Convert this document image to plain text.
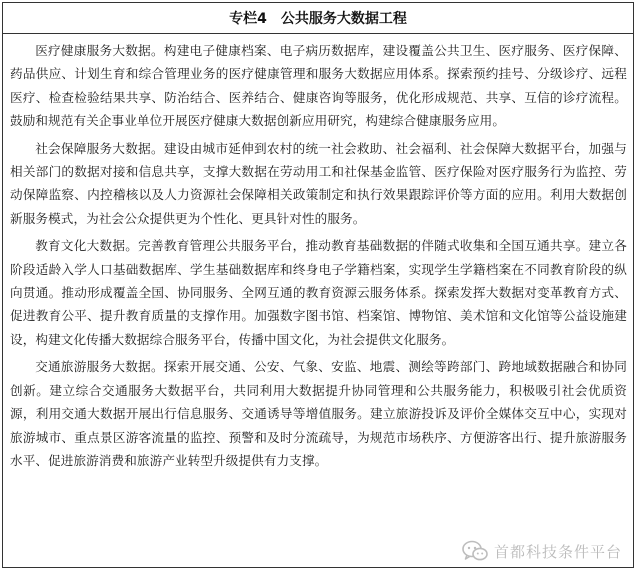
专栏4 公共服务大数据工程

医疗健康服务大数据。构建电子健康档案、电子病历数据库，建设覆盖公共卫生、医疗服务、医疗保障、药品供应、计划生育和综合管理业务的医疗健康管理和服务大数据应用体系。探索预约挂号、分级诊疗、远程医疗、检查检验结果共享、防治结合、医养结合、健康咨询等服务，优化形成规范、共享、互信的诊疗流程。鼓励和规范有关企事业单位开展医疗健康大数据创新应用研究，构建综合健康服务应用。

社会保障服务大数据。建设由城市延伸到农村的统一社会救助、社会福利、社会保障大数据平台，加强与相关部门的数据对接和信息共享，支撑大数据在劳动用工和社保基金监管、医疗保险对医疗服务行为监控、劳动保障监察、内控稽核以及人力资源社会保障相关政策制定和执行效果跟踪评价等方面的应用。利用大数据创新服务模式，为社会公众提供更为个性化、更具针对性的服务。

教育文化大数据。完善教育管理公共服务平台，推动教育基础数据的伴随式收集和全国互通共享。建立各阶段适龄入学人口基础数据库、学生基础数据库和终身电子学籍档案，实现学生学籍档案在不同教育阶段的纵向贯通。推动形成覆盖全国、协同服务、全网互通的教育资源云服务体系。探索发挥大数据对变革教育方式、促进教育公平、提升教育质量的支撑作用。加强数字图书馆、档案馆、博物馆、美术馆和文化馆等公益设施建设，构建文化传播大数据综合服务平台，传播中国文化，为社会提供文化服务。

交通旅游服务大数据。探索开展交通、公安、气象、安监、地震、测绘等跨部门、跨地域数据融合和协同创新。建立综合交通服务大数据平台，共同利用大数据提升协同管理和公共服务能力，积极吸引社会优质资源，利用交通大数据开展出行信息服务、交通诱导等增值服务。建立旅游投诉及评价全媒体交互中心，实现对旅游城市、重点景区游客流量的监控、预警和及时分流疏导，为规范市场秩序、方便游客出行、提升旅游服务水平、促进旅游消费和旅游产业转型升级提供有力支撑。

首都科技条件平台
